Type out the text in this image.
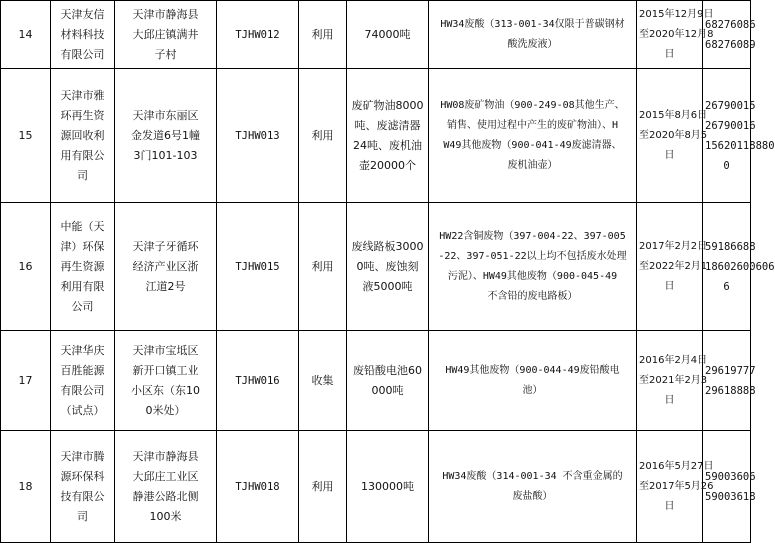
14	天津友信
材料科技
有限公司	天津市静海县
大邱庄镇满井
子村	TJHW012	利用	74000吨	HW34废酸（313-001-34仅限于普碳钢材
酸洗废液）	2015年12月9日
至2020年12月8
日	68276086
68276089

15	天津市雅
环再生资
源回收利
用有限公
司	天津市东丽区
金发道6号1幢
3门101-103	TJHW013	利用	废矿物油8000
吨、废滤清器
24吨、废机油
壶20000个	HW08废矿物油（900-249-08其他生产、
销售、使用过程中产生的废矿物油）、H
W49其他废物（900-041-49废滤清器、
废机油壶）	2015年8月6日
至2020年8月5
日	26790015
26790016
15620118880
0

16	中能（天
津）环保
再生资源
利用有限
公司	天津子牙循环
经济产业区浙
江道2号	TJHW015	利用	废线路板3000
0吨、废蚀刻
液5000吨	HW22含铜废物（397-004-22、397-005
-22、397-051-22以上均不包括废水处理
污泥）、HW49其他废物（900-045-49
不含铅的废电路板）	2017年2月2日
至2022年2月1
日	59186688
18602600606
6

17	天津华庆
百胜能源
有限公司
（试点）	天津市宝坻区
新开口镇工业
小区东（东10
0米处）	TJHW016	收集	废铅酸电池60
000吨	HW49其他废物（900-044-49废铅酸电
池）	2016年2月4日
至2021年2月3
日	29619777
29618888

18	天津市腾
源环保科
技有限公
司	天津市静海县
大邱庄工业区
静港公路北侧
100米	TJHW018	利用	130000吨	HW34废酸（314-001-34 不含重金属的
废盐酸）	2016年5月27日
至2017年5月26
日	59003606
59003618
